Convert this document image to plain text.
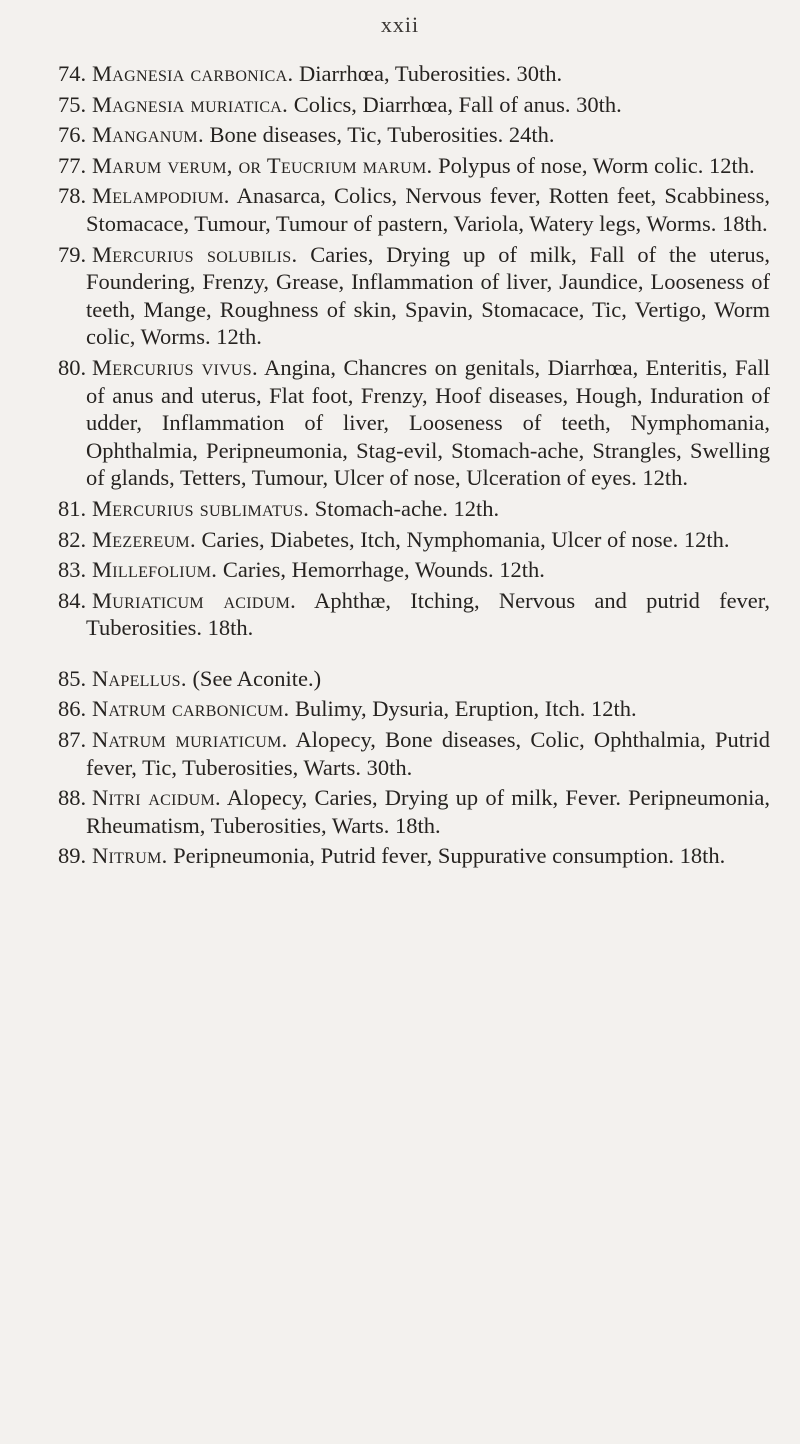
xxii

74. Magnesia carbonica. Diarrhœa, Tuberosities. 30th.

75. Magnesia muriatica. Colics, Diarrhœa, Fall of anus. 30th.

76. Manganum. Bone diseases, Tic, Tuberosities. 24th.

77. Marum verum, or Teucrium marum. Polypus of nose, Worm colic. 12th.

78. Melampodium. Anasarca, Colics, Nervous fever, Rotten feet, Scabbiness, Stomacace, Tumour, Tumour of pastern, Variola, Watery legs, Worms. 18th.

79. Mercurius solubilis. Caries, Drying up of milk, Fall of the uterus, Foundering, Frenzy, Grease, Inflammation of liver, Jaundice, Looseness of teeth, Mange, Roughness of skin, Spavin, Stomacace, Tic, Vertigo, Worm colic, Worms. 12th.

80. Mercurius vivus. Angina, Chancres on genitals, Diarrhœa, Enteritis, Fall of anus and uterus, Flat foot, Frenzy, Hoof diseases, Hough, Induration of udder, Inflammation of liver, Looseness of teeth, Nymphomania, Ophthalmia, Peripneumonia, Stag-evil, Stomach-ache, Strangles, Swelling of glands, Tetters, Tumour, Ulcer of nose, Ulceration of eyes. 12th.

81. Mercurius sublimatus. Stomach-ache. 12th.

82. Mezereum. Caries, Diabetes, Itch, Nymphomania, Ulcer of nose. 12th.

83. Millefolium. Caries, Hemorrhage, Wounds. 12th.

84. Muriaticum acidum. Aphthæ, Itching, Nervous and putrid fever, Tuberosities. 18th.

85. Napellus. (See Aconite.)

86. Natrum carbonicum. Bulimy, Dysuria, Eruption, Itch. 12th.

87. Natrum muriaticum. Alopecy, Bone diseases, Colic, Ophthalmia, Putrid fever, Tic, Tuberosities, Warts. 30th.

88. Nitri acidum. Alopecy, Caries, Drying up of milk, Fever. Peripneumonia, Rheumatism, Tuberosities, Warts. 18th.

89. Nitrum. Peripneumonia, Putrid fever, Suppurative consumption. 18th.
